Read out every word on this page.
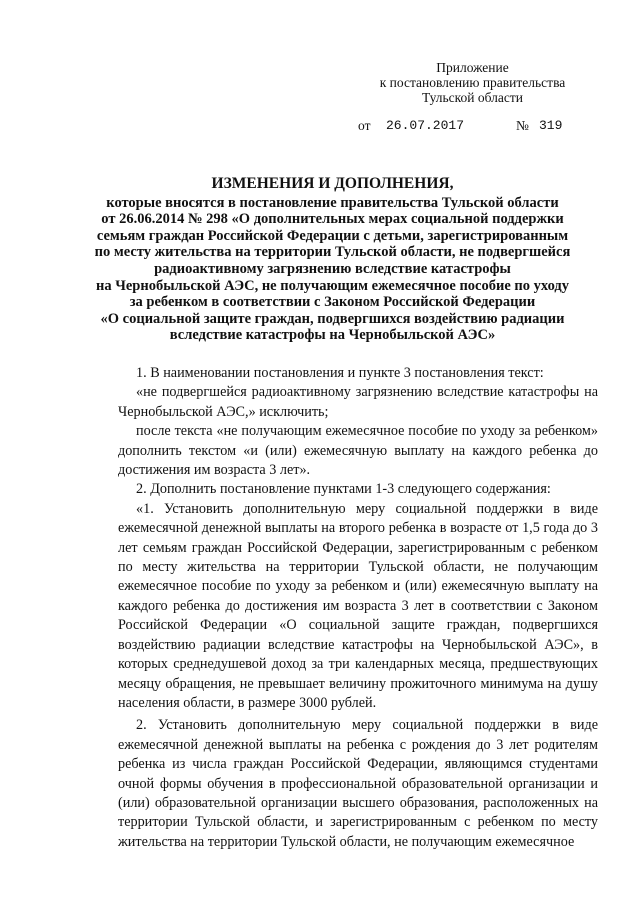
Приложение
к постановлению правительства
Тульской области
от 26.07.2017	№ 319
ИЗМЕНЕНИЯ И ДОПОЛНЕНИЯ,
которые вносятся в постановление правительства Тульской области
от 26.06.2014 № 298 «О дополнительных мерах социальной поддержки
семьям граждан Российской Федерации с детьми, зарегистрированным
по месту жительства на территории Тульской области, не подвергшейся
радиоактивному загрязнению вследствие катастрофы
на Чернобыльской АЭС, не получающим ежемесячное пособие по уходу
за ребенком в соответствии с Законом Российской Федерации
«О социальной защите граждан, подвергшихся воздействию радиации
вследствие катастрофы на Чернобыльской АЭС»

1. В наименовании постановления и пункте 3 постановления текст:

«не подвергшейся радиоактивному загрязнению вследствие катастрофы на Чернобыльской АЭС,» исключить;

после текста «не получающим ежемесячное пособие по уходу за ребенком» дополнить текстом «и (или) ежемесячную выплату на каждого ребенка до достижения им возраста 3 лет».

2. Дополнить постановление пунктами 1-3 следующего содержания:

«1. Установить дополнительную меру социальной поддержки в виде ежемесячной денежной выплаты на второго ребенка в возрасте от 1,5 года до 3 лет семьям граждан Российской Федерации, зарегистрированным с ребенком по месту жительства на территории Тульской области, не получающим ежемесячное пособие по уходу за ребенком и (или) ежемесячную выплату на каждого ребенка до достижения им возраста 3 лет в соответствии с Законом Российской Федерации «О социальной защите граждан, подвергшихся воздействию радиации вследствие катастрофы на Чернобыльской АЭС», в которых среднедушевой доход за три календарных месяца, предшествующих месяцу обращения, не превышает величину прожиточного минимума на душу населения области, в размере 3000 рублей.

2. Установить дополнительную меру социальной поддержки в виде ежемесячной денежной выплаты на ребенка с рождения до 3 лет родителям ребенка из числа граждан Российской Федерации, являющимся студентами очной формы обучения в профессиональной образовательной организации и (или) образовательной организации высшего образования, расположенных на территории Тульской области, и зарегистрированным с ребенком по месту жительства на территории Тульской области, не получающим ежемесячное
